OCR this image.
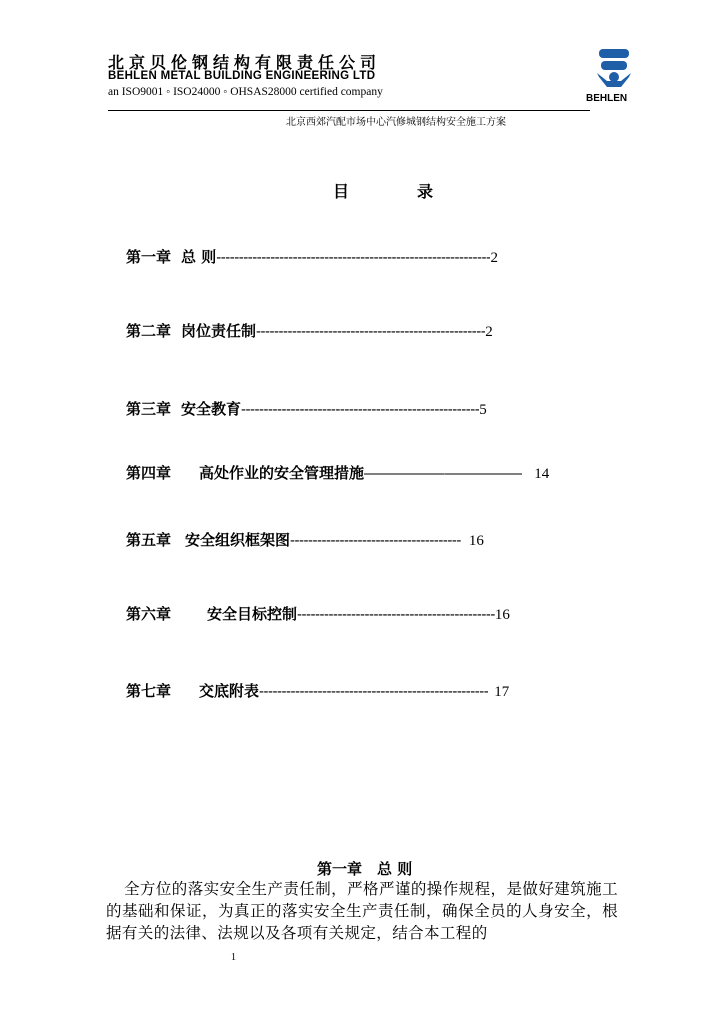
北京贝伦钢结构有限责任公司
BEHLEN METAL BUILDING ENGINEERING LTD
an ISO9001 ◦ ISO24000 ◦ OHSAS28000 certified company
北京西郊汽配市场中心汽修城钢结构安全施工方案
BEHLEN
目　录
第一章 总 则 ------------------------------------------------------------- 2
第二章 岗位责任制 --------------------------------------------------- 2
第三章 安全教育 ----------------------------------------------------- 5
第四章 高处作业的安全管理措施 —————— —————— 14
第五章 安全组织框架图 -------------------------------------- 16
第六章 安全目标控制 -------------------------------------------- 16
第七章 交底附表 --------------------------------------------------- 17
第一章　总 则
全方位的落实安全生产责任制，严格严谨的操作规程，是做好建筑施工的基础和保证，为真正的落实安全生产责任制，确保全员的人身安全，根据有关的法律、法规以及各项有关规定，结合本工程的
1
